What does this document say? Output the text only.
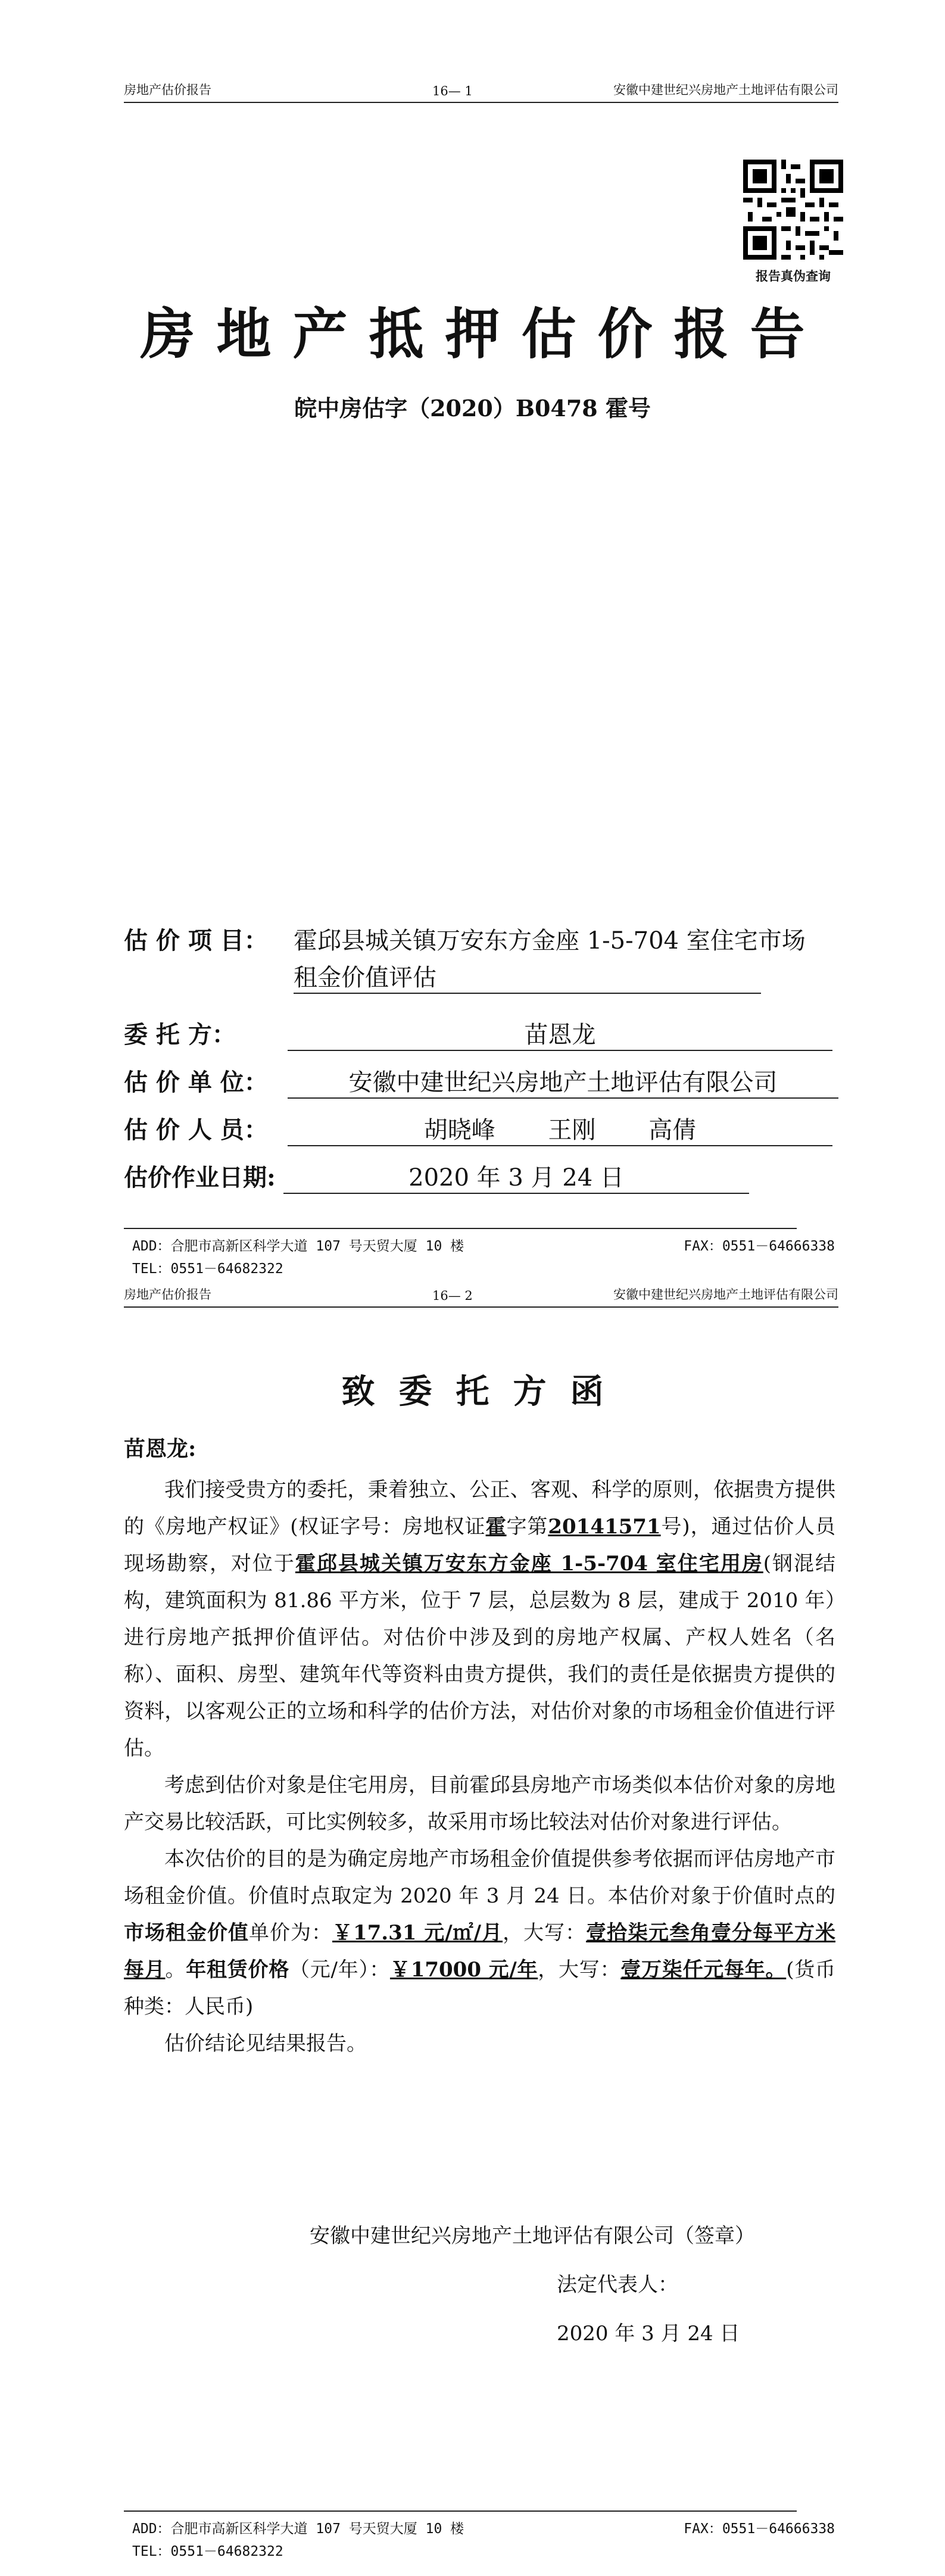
房地产估价报告	16— 1	安徽中建世纪兴房地产土地评估有限公司
报告真伪查询
房地产抵押估价报告
皖中房估字（2020）B0478 霍号
估 价 项 目： 霍邱县城关镇万安东方金座 1-5-704 室住宅市场
租金价值评估
委 托 方：	苗恩龙
估 价 单 位：	安徽中建世纪兴房地产土地评估有限公司
估 价 人 员：	胡晓峰 王刚 高倩
估价作业日期:	2020 年 3 月 24 日
ADD：合肥市高新区科学大道 107 号天贸大厦 10 楼	FAX：0551－64666338
TEL：0551－64682322
房地产估价报告	16— 2	安徽中建世纪兴房地产土地评估有限公司
致委托方函
苗恩龙:

我们接受贵方的委托，秉着独立、公正、客观、科学的原则，依据贵方提供的《房地产权证》(权证字号：房地权证霍字第20141571号)，通过估价人员现场勘察，对位于霍邱县城关镇万安东方金座 1-5-704 室住宅用房(钢混结构，建筑面积为 81.86 平方米，位于 7 层，总层数为 8 层，建成于 2010 年）进行房地产抵押价值评估。对估价中涉及到的房地产权属、产权人姓名（名称）、面积、房型、建筑年代等资料由贵方提供，我们的责任是依据贵方提供的资料，以客观公正的立场和科学的估价方法，对估价对象的市场租金价值进行评估。

考虑到估价对象是住宅用房，目前霍邱县房地产市场类似本估价对象的房地产交易比较活跃，可比实例较多，故采用市场比较法对估价对象进行评估。

本次估价的目的是为确定房地产市场租金价值提供参考依据而评估房地产市场租金价值。价值时点取定为 2020 年 3 月 24 日。本估价对象于价值时点的市场租金价值单价为：￥17.31 元/㎡/月，大写：壹拾柒元叁角壹分每平方米每月。年租赁价格（元/年）：￥17000 元/年，大写：壹万柒仟元每年。(货币种类：人民币)

估价结论见结果报告。

安徽中建世纪兴房地产土地评估有限公司（签章）
法定代表人：
2020 年 3 月 24 日
ADD：合肥市高新区科学大道 107 号天贸大厦 10 楼	FAX：0551－64666338
TEL：0551－64682322
